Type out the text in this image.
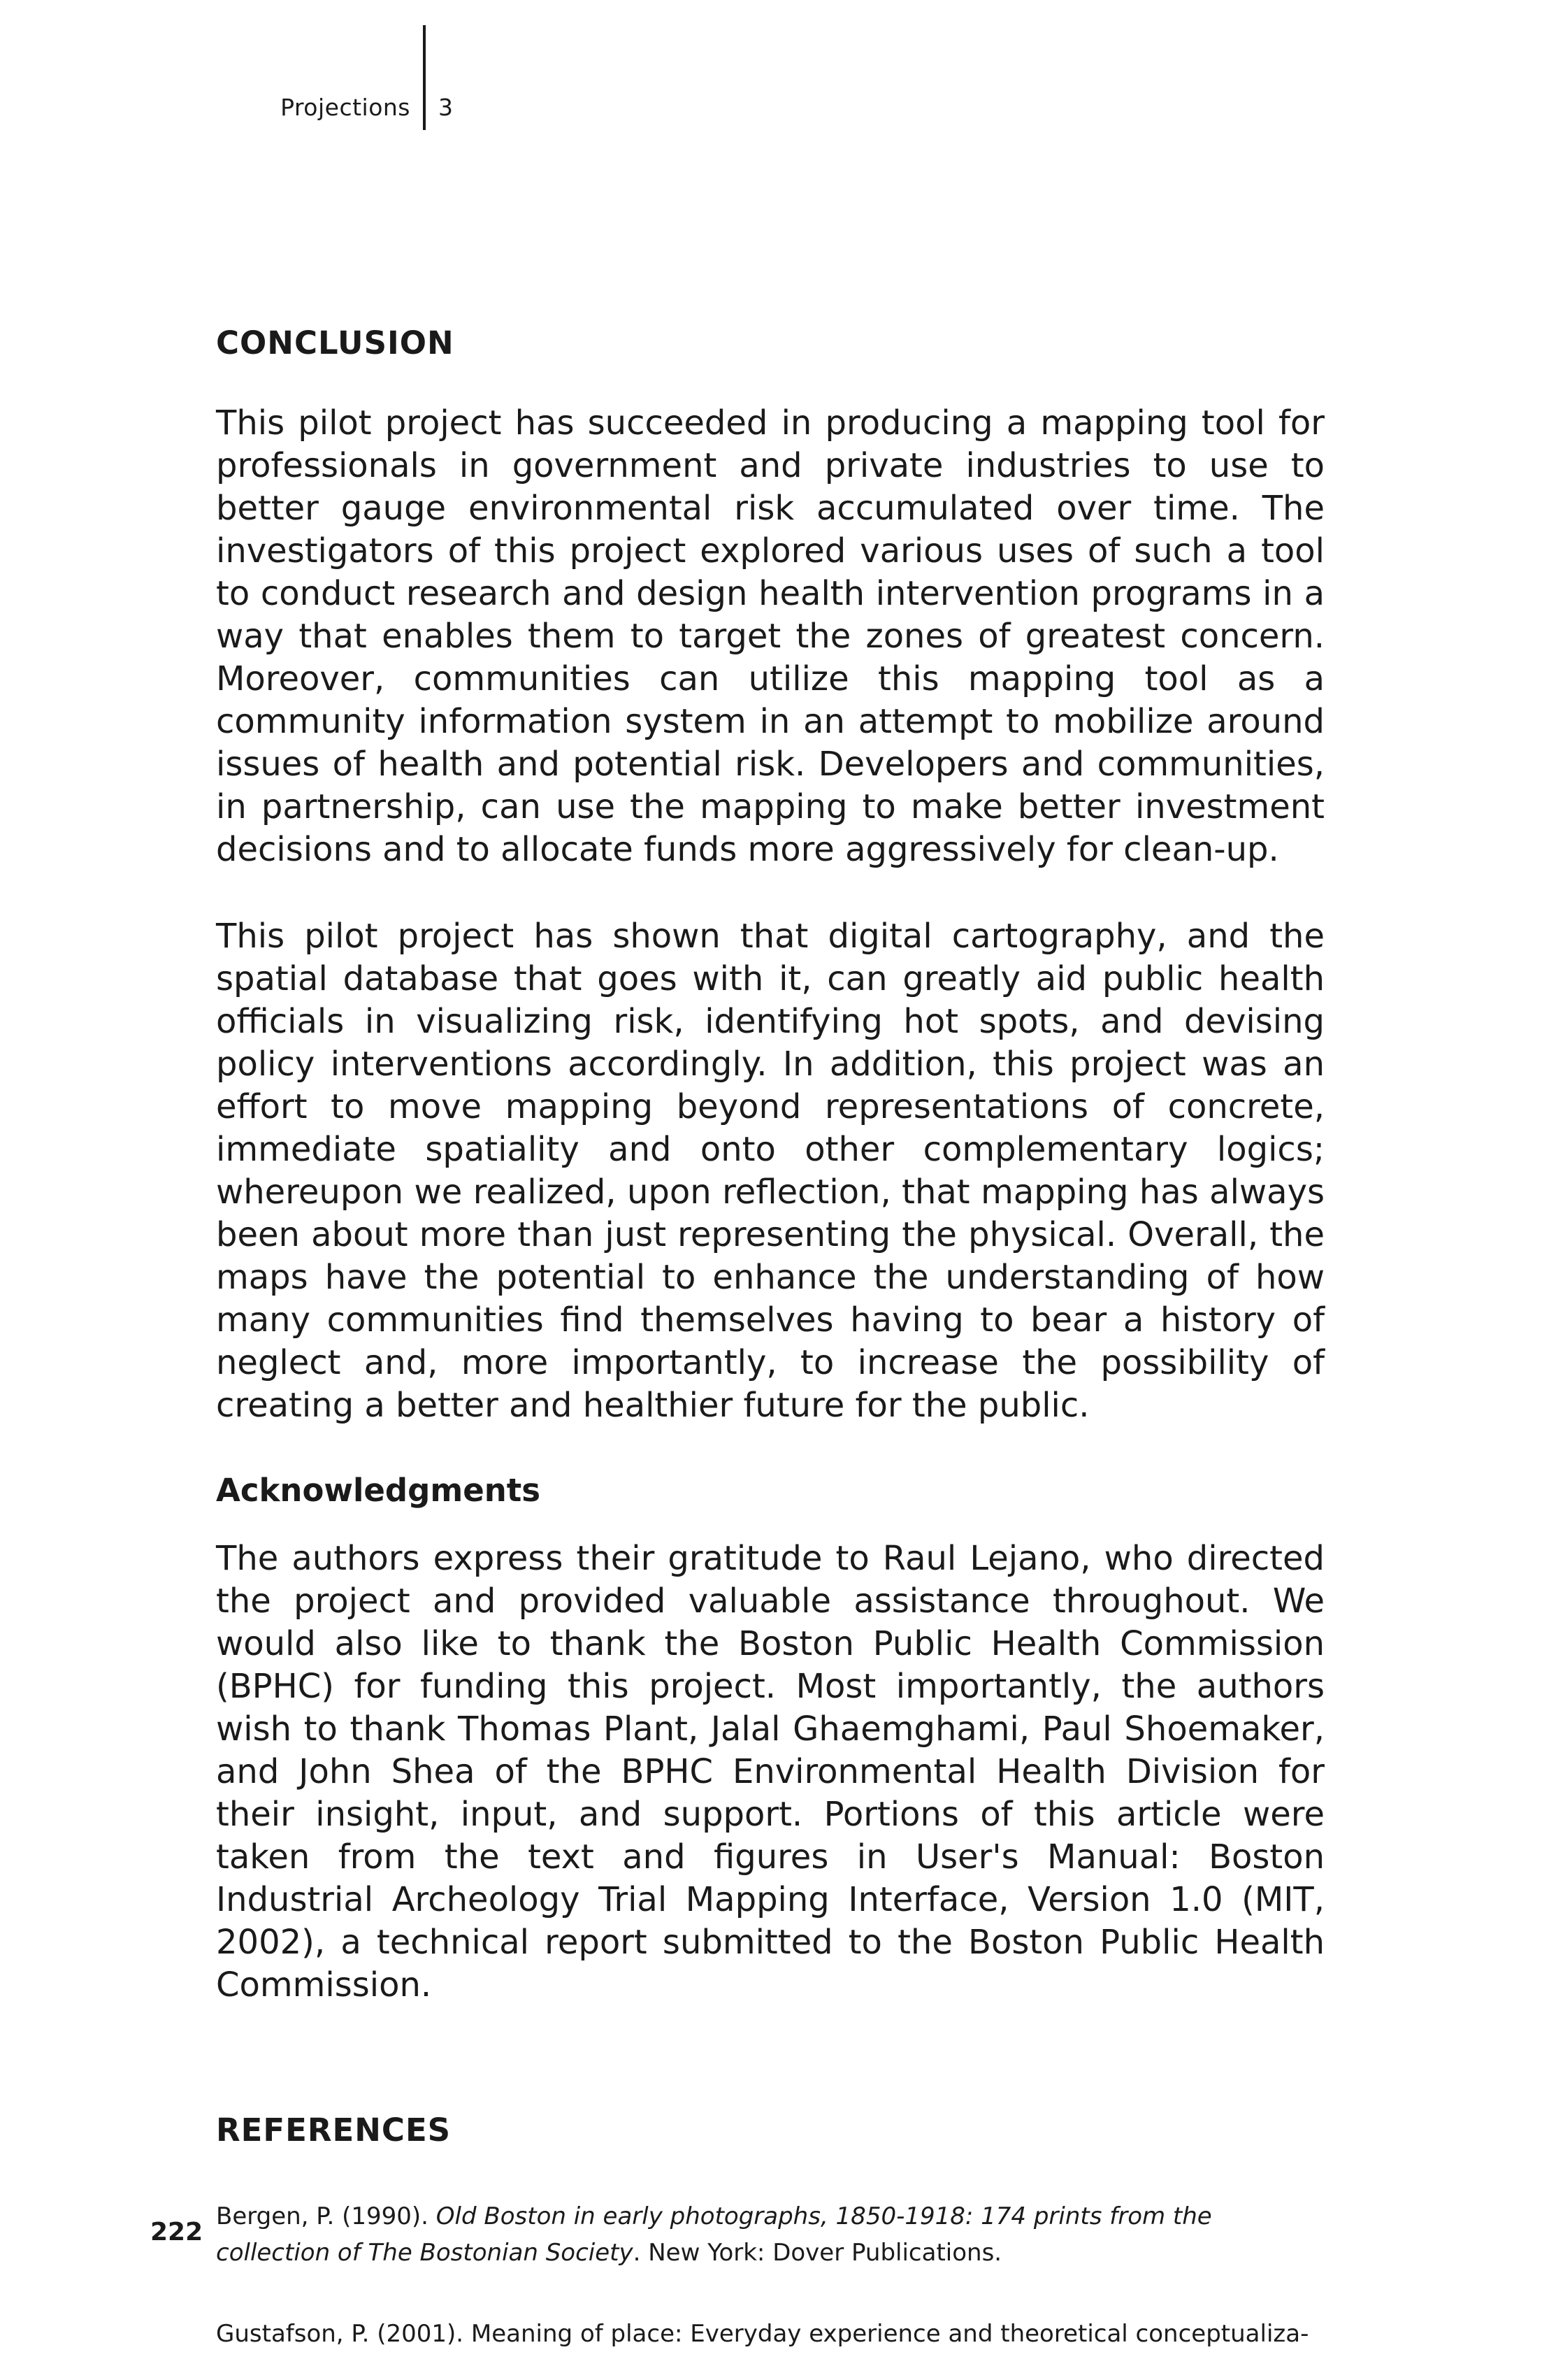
Projections 3
CONCLUSION

This pilot project has succeeded in producing a mapping tool for professionals in government and private industries to use to better gauge environmental risk accumulated over time. The investigators of this project explored various uses of such a tool to conduct research and design health intervention programs in a way that enables them to target the zones of greatest concern. Moreover, communities can utilize this mapping tool as a community information system in an attempt to mobilize around issues of health and potential risk. Developers and communities, in partnership, can use the mapping to make better investment decisions and to allocate funds more aggressively for clean-up.

This pilot project has shown that digital cartography, and the spatial database that goes with it, can greatly aid public health officials in visualizing risk, identifying hot spots, and devising policy interventions accordingly. In addition, this project was an effort to move mapping beyond representations of concrete, immediate spatiality and onto other complementary logics; whereupon we realized, upon reflection, that mapping has always been about more than just representing the physical. Overall, the maps have the potential to enhance the understanding of how many communities find themselves having to bear a history of neglect and, more importantly, to increase the possibility of creating a better and healthier future for the public.

Acknowledgments

The authors express their gratitude to Raul Lejano, who directed the project and provided valuable assistance throughout. We would also like to thank the Boston Public Health Commission (BPHC) for funding this project. Most importantly, the authors wish to thank Thomas Plant, Jalal Ghaemghami, Paul Shoemaker, and John Shea of the BPHC Environmental Health Division for their insight, input, and support. Portions of this article were taken from the text and figures in User's Manual: Boston Industrial Archeology Trial Mapping Interface, Version 1.0 (MIT, 2002), a technical report submitted to the Boston Public Health Commission.

REFERENCES

Bergen, P. (1990). Old Boston in early photographs, 1850-1918: 174 prints from the collection of The Bostonian Society. New York: Dover Publications.

Gustafson, P. (2001). Meaning of place: Everyday experience and theoretical conceptualiza-

222
